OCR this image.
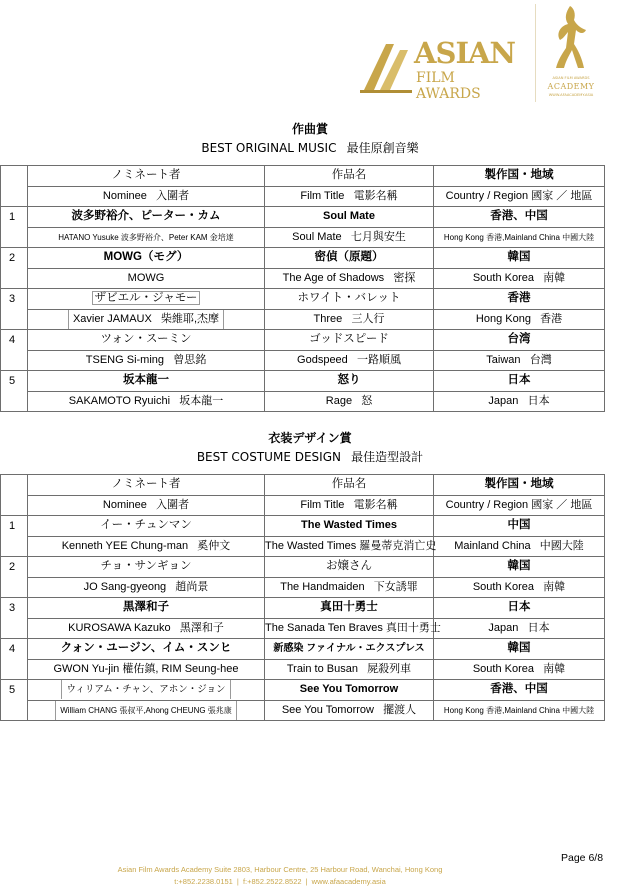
ASIAN
FILM AWARDS
ASIAN FILM AWARDS
ACADEMY
WWW.AFAACADEMY.ASIA
作曲賞
BEST ORIGINAL MUSIC 最佳原創音樂
	ノミネート者	作品名	製作国・地域
	Nominee 入圍者	Film Title 電影名稱	Country / Region 國家 ／ 地區
1	波多野裕介、ピーター・カム	Soul Mate	香港、中国
	HATANO Yusuke 波多野裕介、Peter KAM 金培達	Soul Mate 七月與安生	Hong Kong 香港,Mainland China 中國大陸
2	MOWG（モグ）	密偵（原題）	韓国
	MOWG	The Age of Shadows 密探	South Korea 南韓
3	ザビエル・ジャモー	ホワイト・バレット	香港
	Xavier JAMAUX 柴維耶,杰摩	Three 三人行	Hong Kong 香港
4	ツォン・スーミン	ゴッドスピード	台湾
	TSENG Si-ming 曾思銘	Godspeed 一路順風	Taiwan 台灣
5	坂本龍一	怒り	日本
	SAKAMOTO Ryuichi 坂本龍一	Rage 怒	Japan 日本
衣装デザイン賞
BEST COSTUME DESIGN 最佳造型設計
	ノミネート者	作品名	製作国・地域
	Nominee 入圍者	Film Title 電影名稱	Country / Region 國家 ／ 地區
1	イー・チュンマン	The Wasted Times	中国
	Kenneth YEE Chung-man 奚仲文	The Wasted Times 羅曼蒂克消亡史	Mainland China 中國大陸
2	チョ・サンギョン	お嬢さん	韓国
	JO Sang-gyeong 趙尚景	The Handmaiden 下女誘罪	South Korea 南韓
3	黒澤和子	真田十勇士	日本
	KUROSAWA Kazuko 黑澤和子	The Sanada Ten Braves 真田十勇士	Japan 日本
4	クォン・ユージン、イム・スンヒ	新感染 ファイナル・エクスプレス	韓国
	GWON Yu-jin 權佑鎮, RIM Seung-hee	Train to Busan 屍殺列車	South Korea 南韓
5	ウィリアム・チャン、アホン・ジョン	See You Tomorrow	香港、中国
	William CHANG 張叔平,Ahong CHEUNG 張兆康	See You Tomorrow 擺渡人	Hong Kong 香港,Mainland China 中國大陸
Page 6/8
Asian Film Awards Academy Suite 2803, Harbour Centre, 25 Harbour Road, Wanchai, Hong Kong
t:+852.2238.0151 | f:+852.2522.8522 | www.afaacademy.asia
